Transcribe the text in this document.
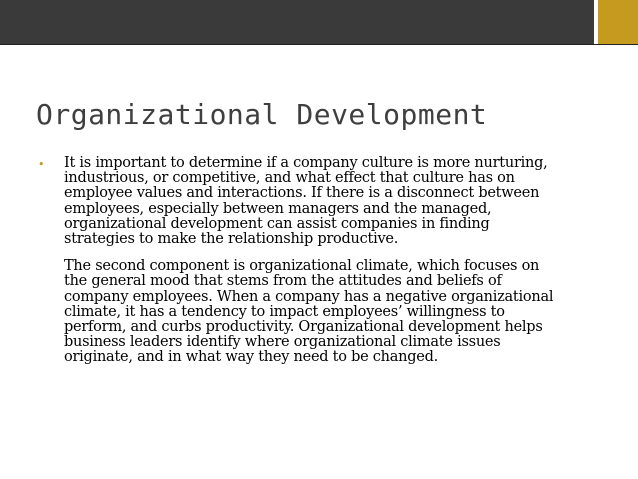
Organizational Development
•	It is important to determine if a company culture is more nurturing,
industrious, or competitive, and what effect that culture has on
employee values and interactions. If there is a disconnect between
employees, especially between managers and the managed,
organizational development can assist companies in finding
strategies to make the relationship productive.

The second component is organizational climate, which focuses on
the general mood that stems from the attitudes and beliefs of
company employees. When a company has a negative organizational
climate, it has a tendency to impact employees’ willingness to
perform, and curbs productivity. Organizational development helps
business leaders identify where organizational climate issues
originate, and in what way they need to be changed.
